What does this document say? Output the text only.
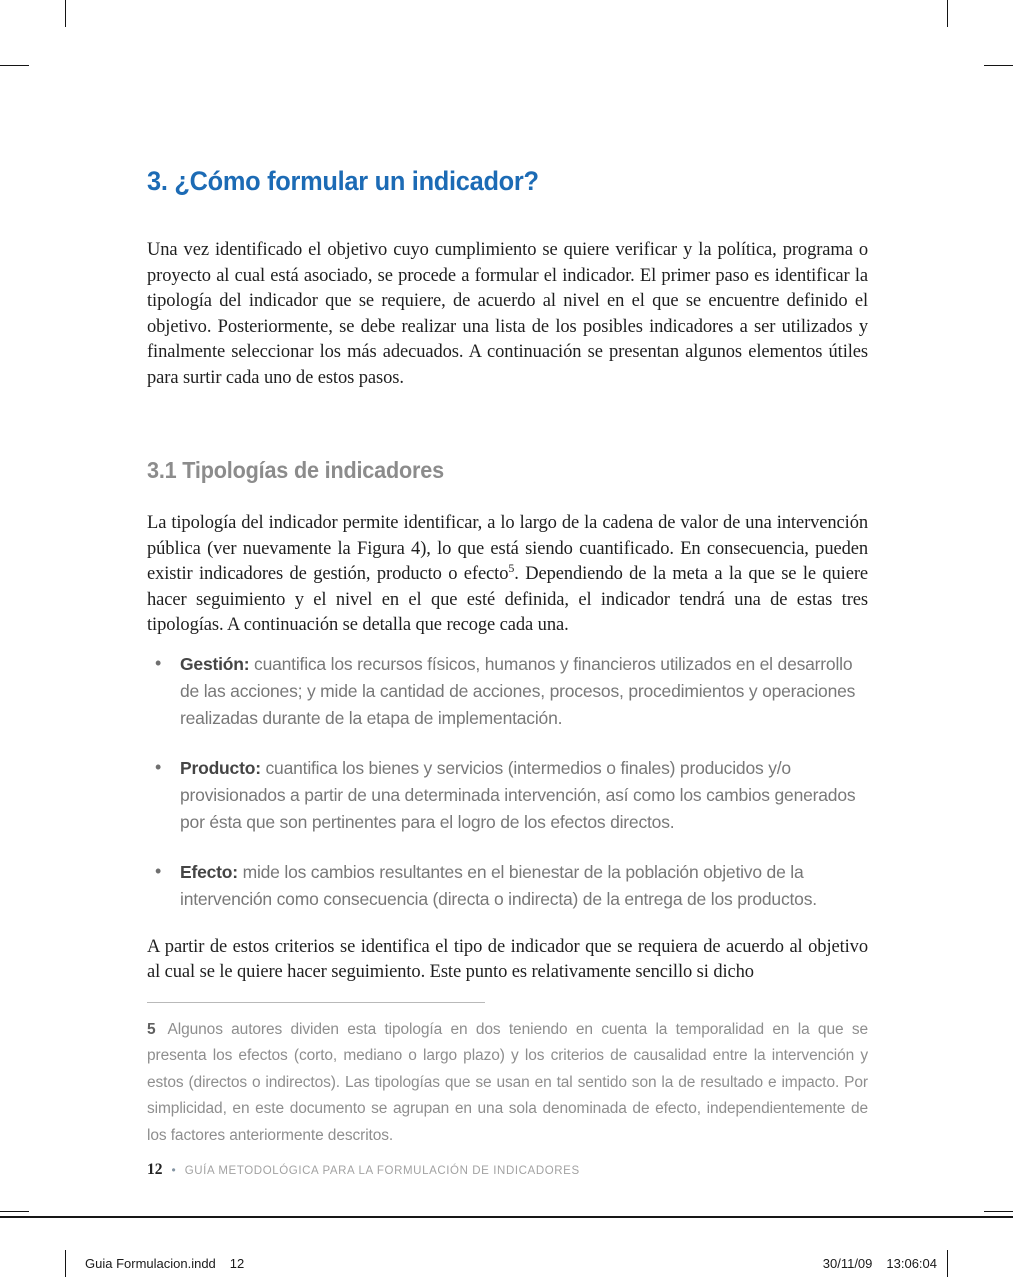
3. ¿Cómo formular un indicador?

Una vez identificado el objetivo cuyo cumplimiento se quiere verificar y la política, programa o proyecto al cual está asociado, se procede a formular el indicador. El primer paso es identificar la tipología del indicador que se requiere, de acuerdo al nivel en el que se encuentre definido el objetivo. Posteriormente, se debe realizar una lista de los posibles indicadores a ser utilizados y finalmente seleccionar los más adecuados. A continuación se presentan algunos elementos útiles para surtir cada uno de estos pasos.

3.1 Tipologías de indicadores

La tipología del indicador permite identificar, a lo largo de la cadena de valor de una intervención pública (ver nuevamente la Figura 4), lo que está siendo cuantificado. En consecuencia, pueden existir indicadores de gestión, producto o efecto$^5$. Dependiendo de la meta a la que se le quiere hacer seguimiento y el nivel en el que esté definida, el indicador tendrá una de estas tres tipologías. A continuación se detalla que recoge cada una.

• Gestión: cuantifica los recursos físicos, humanos y financieros utilizados en el desarrollo de las acciones; y mide la cantidad de acciones, procesos, procedimientos y operaciones realizadas durante de la etapa de implementación.
• Producto: cuantifica los bienes y servicios (intermedios o finales) producidos y/o provisionados a partir de una determinada intervención, así como los cambios generados por ésta que son pertinentes para el logro de los efectos directos.
• Efecto: mide los cambios resultantes en el bienestar de la población objetivo de la intervención como consecuencia (directa o indirecta) de la entrega de los productos.

A partir de estos criterios se identifica el tipo de indicador que se requiera de acuerdo al objetivo al cual se le quiere hacer seguimiento. Este punto es relativamente sencillo si dicho

5 Algunos autores dividen esta tipología en dos teniendo en cuenta la temporalidad en la que se presenta los efectos (corto, mediano o largo plazo) y los criterios de causalidad entre la intervención y estos (directos o indirectos). Las tipologías que se usan en tal sentido son la de resultado e impacto. Por simplicidad, en este documento se agrupan en una sola denominada de efecto, independientemente de los factores anteriormente descritos.
12 • GUÍA METODOLÓGICA PARA LA FORMULACIÓN DE INDICADORES
Guia Formulacion.indd 12	30/11/09 13:06:04
